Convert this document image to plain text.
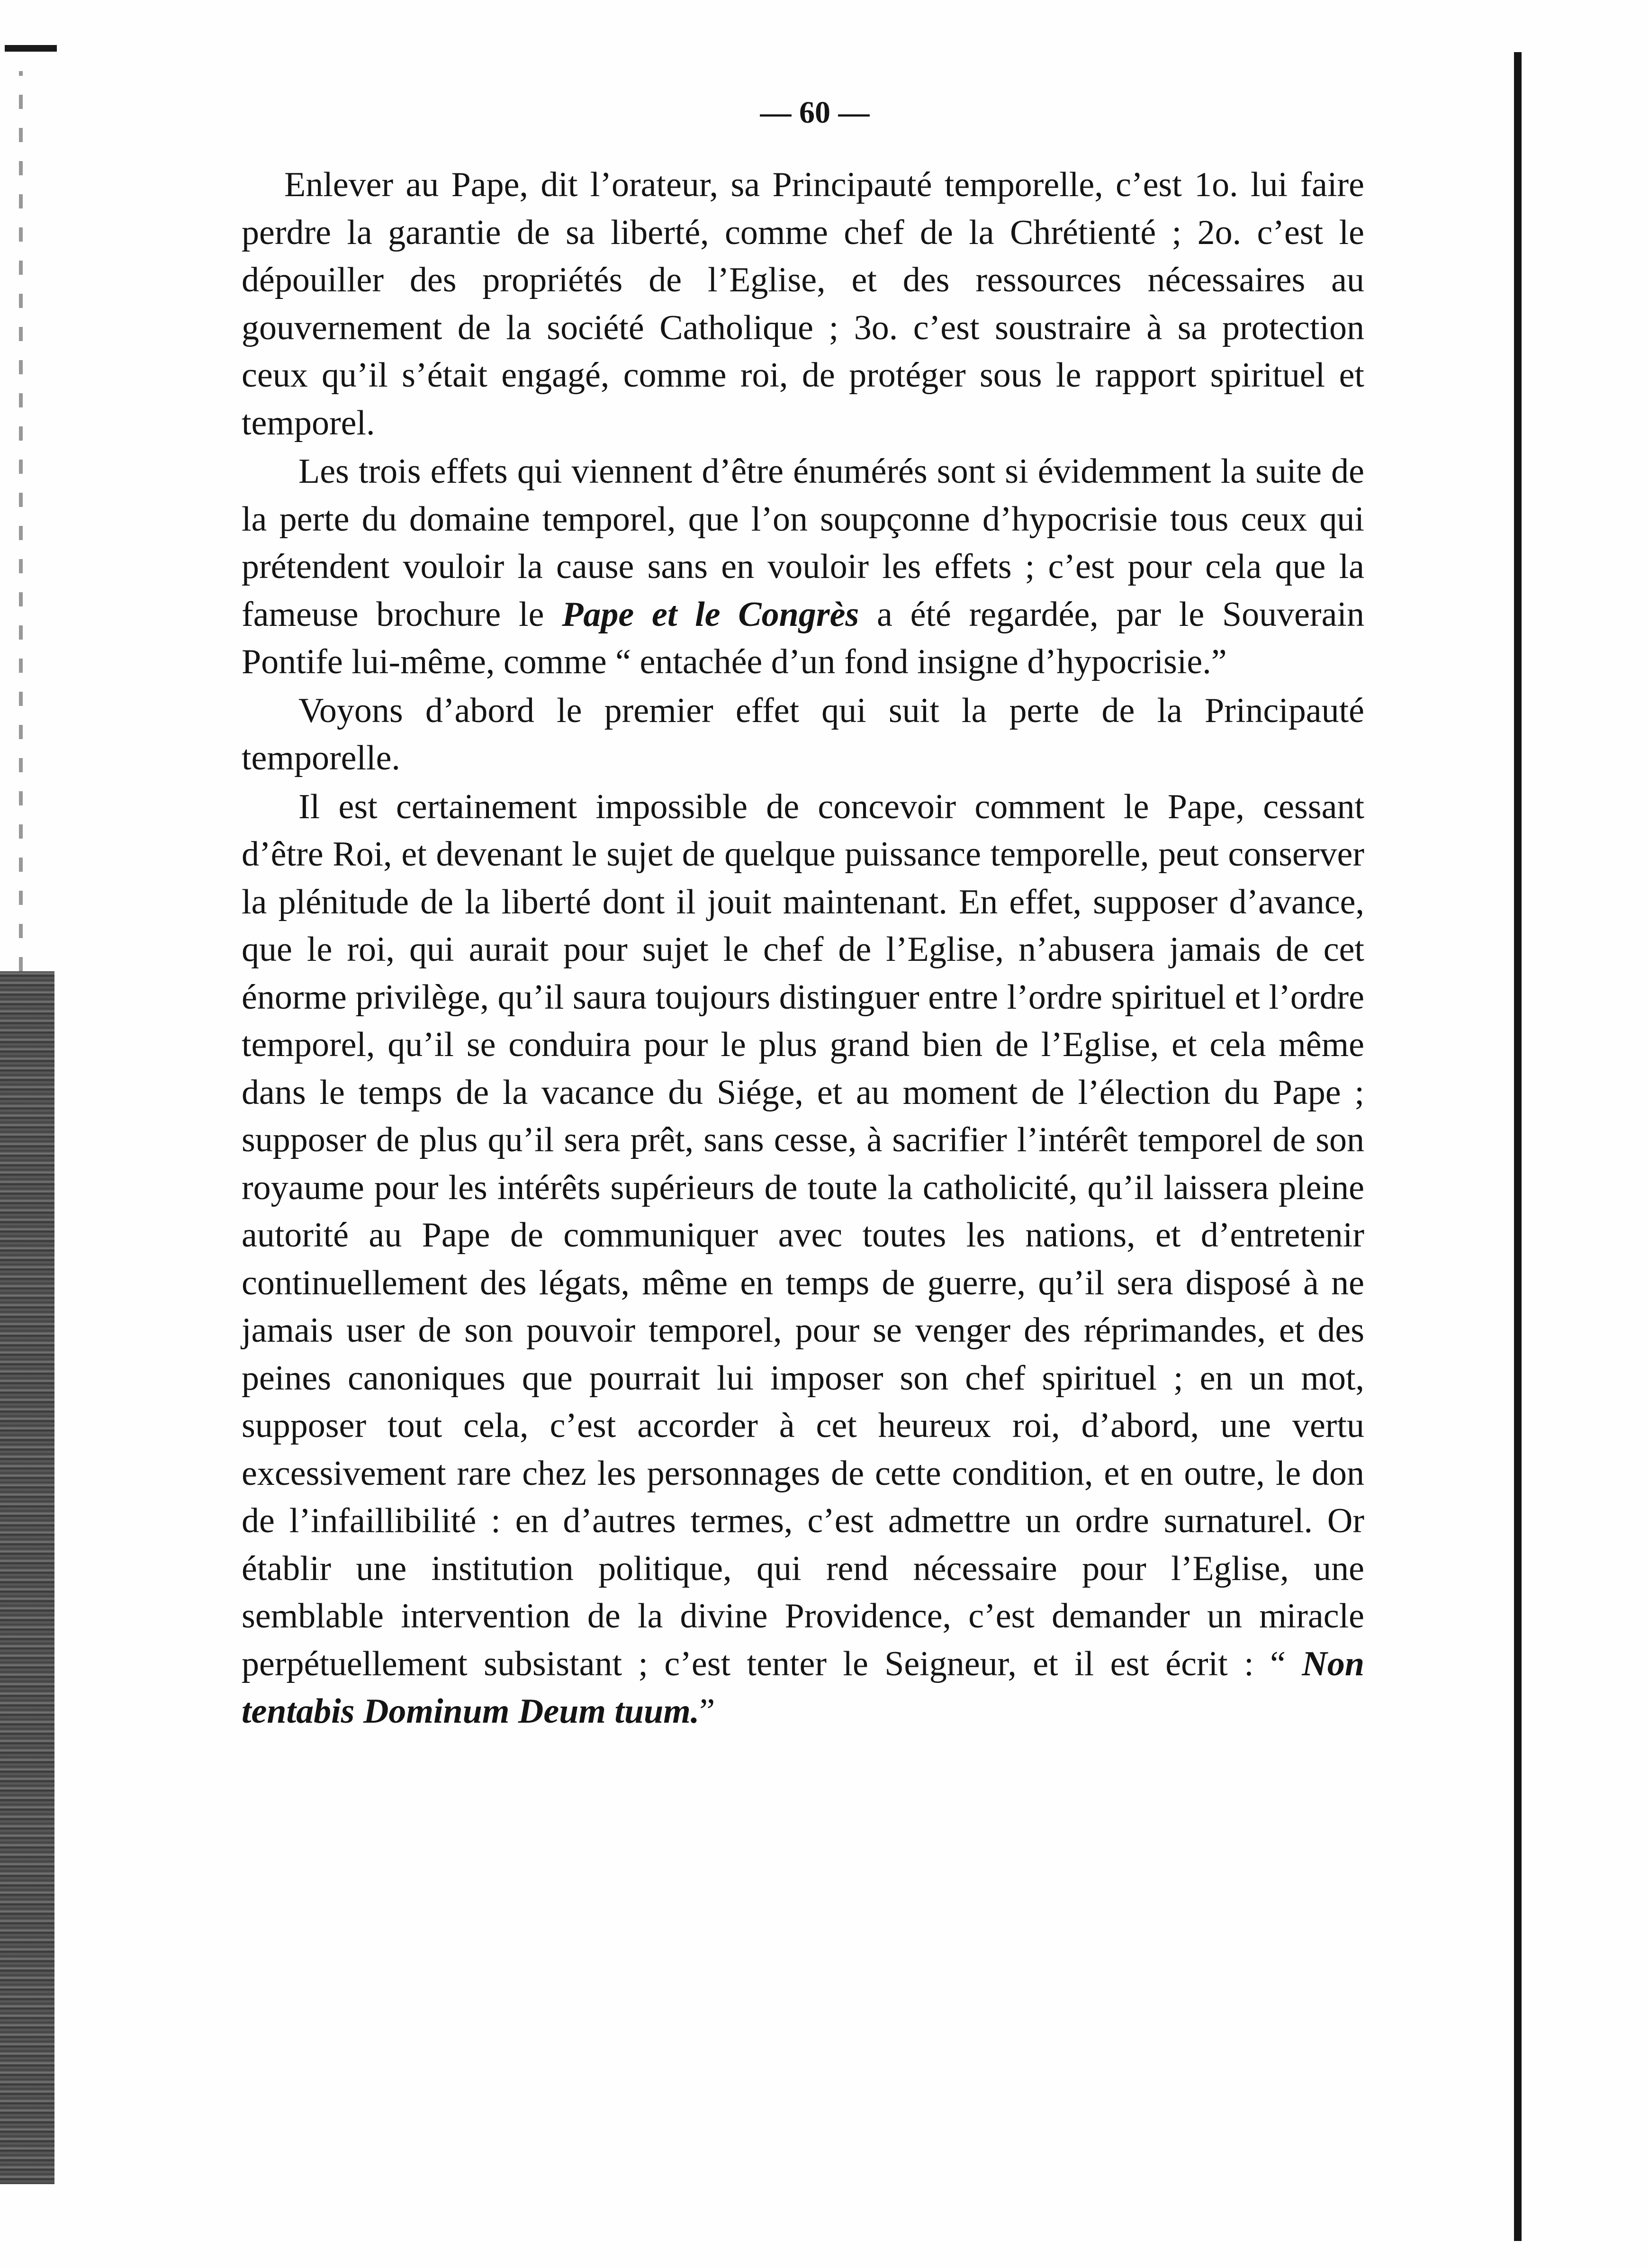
— 60 —

Enlever au Pape, dit l’orateur, sa Principauté temporelle, c’est 1o. lui faire perdre la garantie de sa liberté, comme chef de la Chrétienté ; 2o. c’est le dépouiller des propriétés de l’Eglise, et des ressources nécessaires au gouvernement de la société Catholique ; 3o. c’est soustraire à sa protection ceux qu’il s’était engagé, comme roi, de protéger sous le rapport spirituel et temporel.

Les trois effets qui viennent d’être énumérés sont si évidemment la suite de la perte du domaine temporel, que l’on soupçonne d’hypocrisie tous ceux qui prétendent vouloir la cause sans en vouloir les effets ; c’est pour cela que la fameuse brochure le Pape et le Congrès a été regardée, par le Souverain Pontife lui-même, comme “ entachée d’un fond insigne d’hypocrisie.”

Voyons d’abord le premier effet qui suit la perte de la Principauté temporelle.

Il est certainement impossible de concevoir comment le Pape, cessant d’être Roi, et devenant le sujet de quelque puissance temporelle, peut conserver la plénitude de la liberté dont il jouit maintenant. En effet, supposer d’avance, que le roi, qui aurait pour sujet le chef de l’Eglise, n’abusera jamais de cet énorme privilège, qu’il saura toujours distinguer entre l’ordre spirituel et l’ordre temporel, qu’il se conduira pour le plus grand bien de l’Eglise, et cela même dans le temps de la vacance du Siége, et au moment de l’élection du Pape ; supposer de plus qu’il sera prêt, sans cesse, à sacrifier l’intérêt temporel de son royaume pour les intérêts supérieurs de toute la catholicité, qu’il laissera pleine autorité au Pape de communiquer avec toutes les nations, et d’entretenir continuellement des légats, même en temps de guerre, qu’il sera disposé à ne jamais user de son pouvoir temporel, pour se venger des réprimandes, et des peines canoniques que pourrait lui imposer son chef spirituel ; en un mot, supposer tout cela, c’est accorder à cet heureux roi, d’abord, une vertu excessivement rare chez les personnages de cette condition, et en outre, le don de l’infaillibilité : en d’autres termes, c’est admettre un ordre surnaturel. Or établir une institution politique, qui rend nécessaire pour l’Eglise, une semblable intervention de la divine Providence, c’est demander un miracle perpétuellement subsistant ; c’est tenter le Seigneur, et il est écrit : “ Non tentabis Dominum Deum tuum.”
